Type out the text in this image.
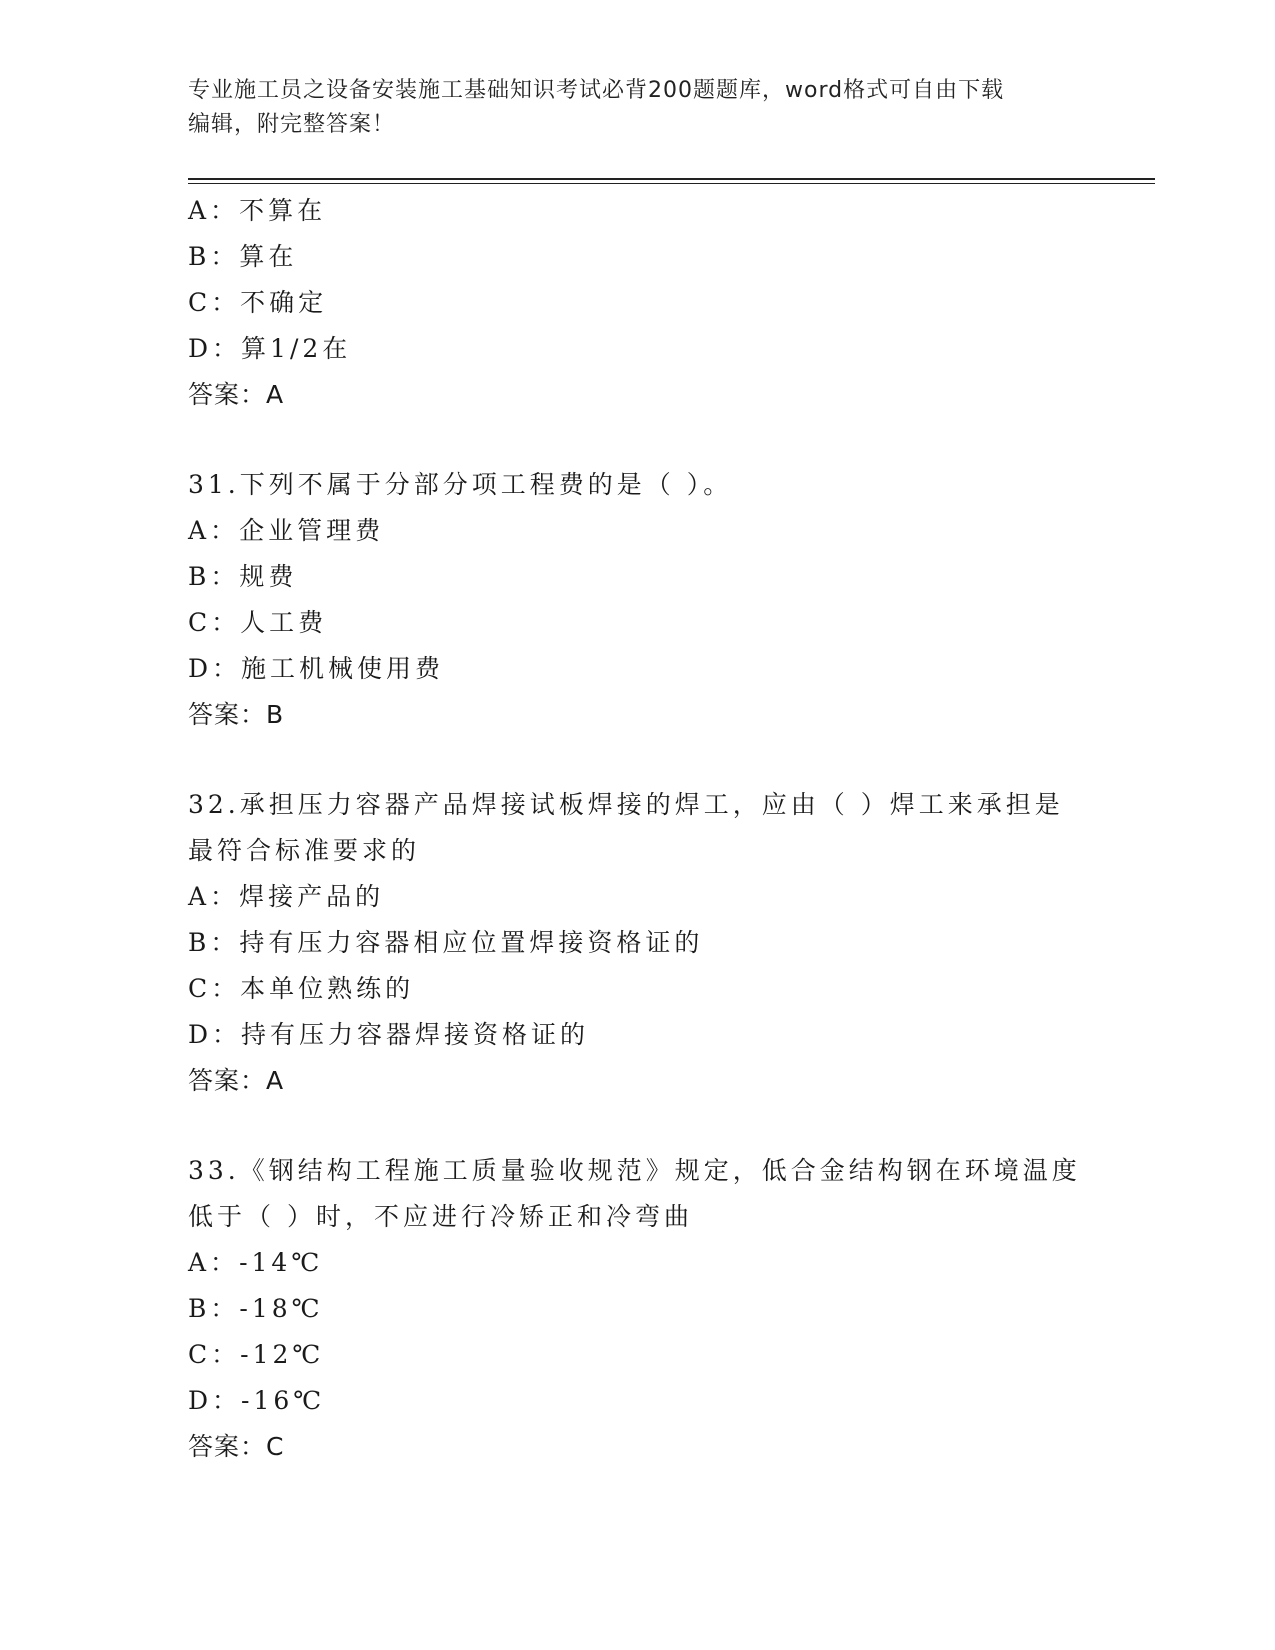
专业施工员之设备安装施工基础知识考试必背200题题库，word格式可自由下载
编辑，附完整答案！
A：不算在
B：算在
C：不确定
D：算1/2在
答案：A
31.下列不属于分部分项工程费的是（ ）。
A：企业管理费
B：规费
C：人工费
D：施工机械使用费
答案：B
32.承担压力容器产品焊接试板焊接的焊工，应由（ ）焊工来承担是
最符合标准要求的
A：焊接产品的
B：持有压力容器相应位置焊接资格证的
C：本单位熟练的
D：持有压力容器焊接资格证的
答案：A
33.《钢结构工程施工质量验收规范》规定，低合金结构钢在环境温度
低于（ ）时，不应进行冷矫正和冷弯曲
A：-14℃
B：-18℃
C：-12℃
D：-16℃
答案：C
